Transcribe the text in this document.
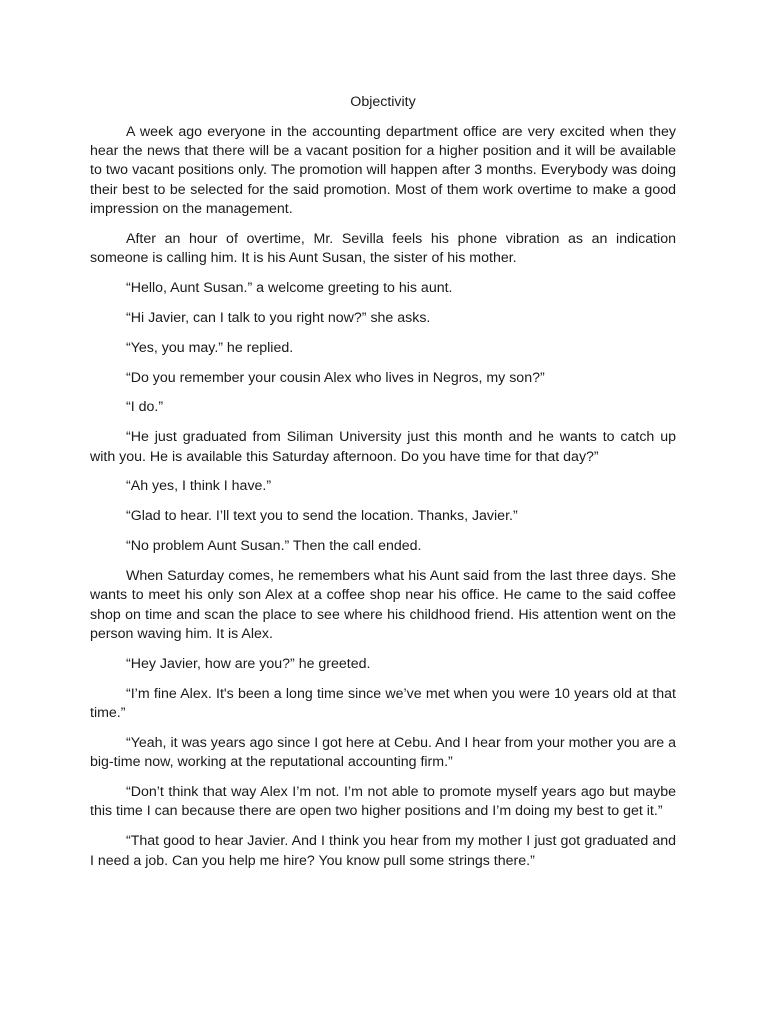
Objectivity

A week ago everyone in the accounting department office are very excited when they hear the news that there will be a vacant position for a higher position and it will be available to two vacant positions only. The promotion will happen after 3 months. Everybody was doing their best to be selected for the said promotion. Most of them work overtime to make a good impression on the management.

After an hour of overtime, Mr. Sevilla feels his phone vibration as an indication someone is calling him. It is his Aunt Susan, the sister of his mother.

“Hello, Aunt Susan.” a welcome greeting to his aunt.

“Hi Javier, can I talk to you right now?” she asks.

“Yes, you may.” he replied.

“Do you remember your cousin Alex who lives in Negros, my son?”

“I do.”

“He just graduated from Siliman University just this month and he wants to catch up with you. He is available this Saturday afternoon. Do you have time for that day?”

“Ah yes, I think I have.”

“Glad to hear. I’ll text you to send the location. Thanks, Javier.”

“No problem Aunt Susan.” Then the call ended.

When Saturday comes, he remembers what his Aunt said from the last three days. She wants to meet his only son Alex at a coffee shop near his office. He came to the said coffee shop on time and scan the place to see where his childhood friend. His attention went on the person waving him. It is Alex.

“Hey Javier, how are you?” he greeted.

“I’m fine Alex. It's been a long time since we’ve met when you were 10 years old at that time.”

“Yeah, it was years ago since I got here at Cebu. And I hear from your mother you are a big-time now, working at the reputational accounting firm.”

“Don’t think that way Alex I’m not. I’m not able to promote myself years ago but maybe this time I can because there are open two higher positions and I’m doing my best to get it.”

“That good to hear Javier. And I think you hear from my mother I just got graduated and I need a job. Can you help me hire? You know pull some strings there.”
